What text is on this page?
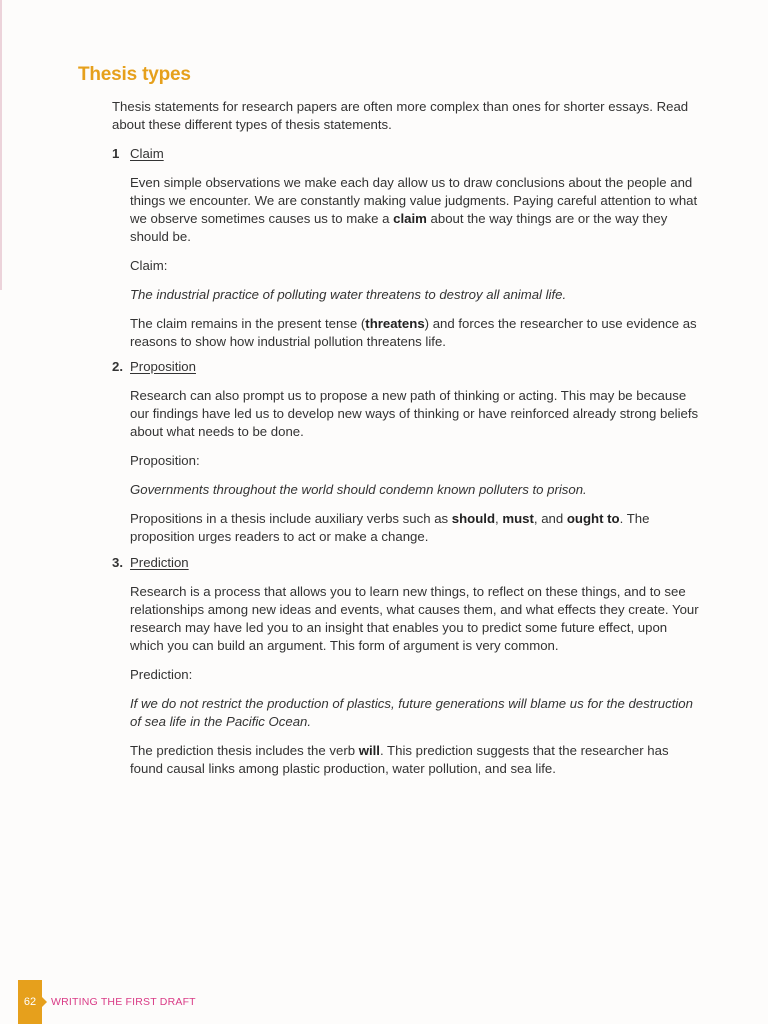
Thesis types

Thesis statements for research papers are often more complex than ones for shorter essays. Read about these different types of thesis statements.

1 Claim

Even simple observations we make each day allow us to draw conclusions about the people and things we encounter. We are constantly making value judgments. Paying careful attention to what we observe sometimes causes us to make a claim about the way things are or the way they should be.

Claim:

The industrial practice of polluting water threatens to destroy all animal life.

The claim remains in the present tense (threatens) and forces the researcher to use evidence as reasons to show how industrial pollution threatens life.

2. Proposition

Research can also prompt us to propose a new path of thinking or acting. This may be because our findings have led us to develop new ways of thinking or have reinforced already strong beliefs about what needs to be done.

Proposition:

Governments throughout the world should condemn known polluters to prison.

Propositions in a thesis include auxiliary verbs such as should, must, and ought to. The proposition urges readers to act or make a change.

3. Prediction

Research is a process that allows you to learn new things, to reflect on these things, and to see relationships among new ideas and events, what causes them, and what effects they create. Your research may have led you to an insight that enables you to predict some future effect, upon which you can build an argument. This form of argument is very common.

Prediction:

If we do not restrict the production of plastics, future generations will blame us for the destruction of sea life in the Pacific Ocean.

The prediction thesis includes the verb will. This prediction suggests that the researcher has found causal links among plastic production, water pollution, and sea life.

62	WRITING THE FIRST DRAFT
